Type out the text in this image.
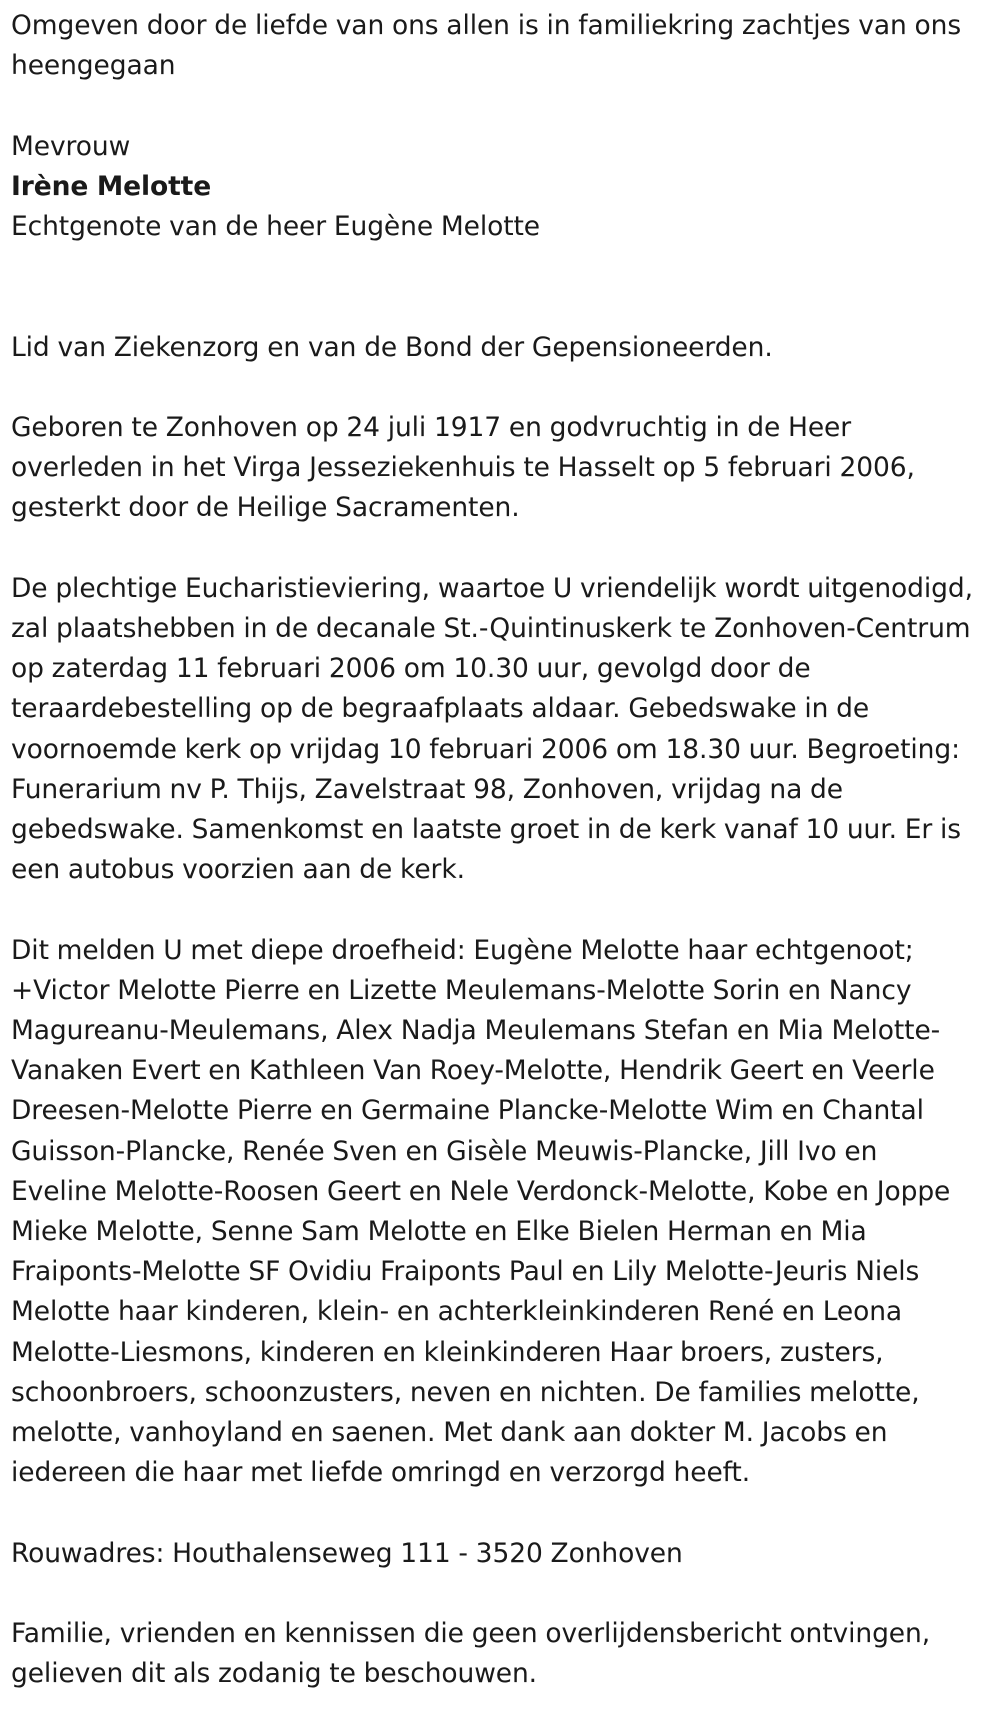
Omgeven door de liefde van ons allen is in familiekring zachtjes van ons heengegaan

Mevrouw

Irène Melotte

Echtgenote van de heer Eugène Melotte

Lid van Ziekenzorg en van de Bond der Gepensioneerden.

Geboren te Zonhoven op 24 juli 1917 en godvruchtig in de Heer overleden in het Virga Jesseziekenhuis te Hasselt op 5 februari 2006, gesterkt door de Heilige Sacramenten.

De plechtige Eucharistieviering, waartoe U vriendelijk wordt uitgenodigd, zal plaatshebben in de decanale St.-Quintinuskerk te Zonhoven-Centrum op zaterdag 11 februari 2006 om 10.30 uur, gevolgd door de teraardebestelling op de begraafplaats aldaar. Gebedswake in de voornoemde kerk op vrijdag 10 februari 2006 om 18.30 uur. Begroeting: Funerarium nv P. Thijs, Zavelstraat 98, Zonhoven, vrijdag na de gebedswake. Samenkomst en laatste groet in de kerk vanaf 10 uur. Er is een autobus voorzien aan de kerk.

Dit melden U met diepe droefheid: Eugène Melotte haar echtgenoot; +Victor Melotte Pierre en Lizette Meulemans-Melotte Sorin en Nancy Magureanu-Meulemans, Alex Nadja Meulemans Stefan en Mia Melotte-Vanaken Evert en Kathleen Van Roey-Melotte, Hendrik Geert en Veerle Dreesen-Melotte Pierre en Germaine Plancke-Melotte Wim en Chantal Guisson-Plancke, Renée Sven en Gisèle Meuwis-Plancke, Jill Ivo en Eveline Melotte-Roosen Geert en Nele Verdonck-Melotte, Kobe en Joppe Mieke Melotte, Senne Sam Melotte en Elke Bielen Herman en Mia Fraiponts-Melotte SF Ovidiu Fraiponts Paul en Lily Melotte-Jeuris Niels Melotte haar kinderen, klein- en achterkleinkinderen René en Leona Melotte-Liesmons, kinderen en kleinkinderen Haar broers, zusters, schoonbroers, schoonzusters, neven en nichten. De families melotte, melotte, vanhoyland en saenen. Met dank aan dokter M. Jacobs en iedereen die haar met liefde omringd en verzorgd heeft.

Rouwadres: Houthalenseweg 111 - 3520 Zonhoven

Familie, vrienden en kennissen die geen overlijdensbericht ontvingen, gelieven dit als zodanig te beschouwen.
